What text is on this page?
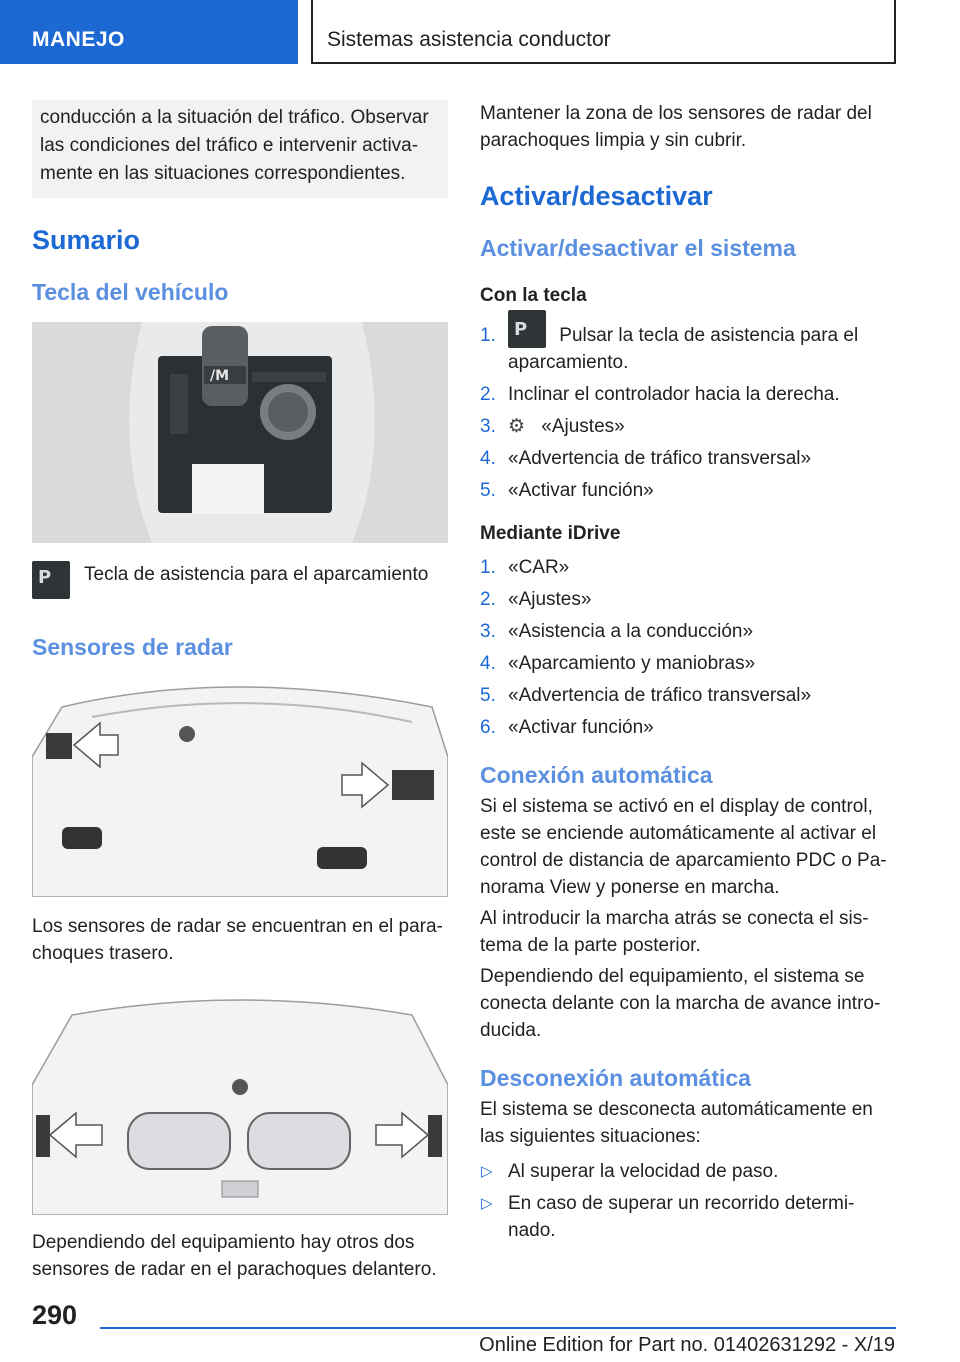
MANEJO	Sistemas asistencia conductor
conducción a la situación del tráfico. Observar las condiciones del tráfico e intervenir activa‐mente en las situaciones correspondientes.
Sumario
Tecla del vehículo
/M
P

Tecla de asistencia para el aparcamiento

Sensores de radar

Los sensores de radar se encuentran en el para‐choques trasero.

Dependiendo del equipamiento hay otros dos sensores de radar en el parachoques delantero.

Mantener la zona de los sensores de radar del parachoques limpia y sin cubrir.

Activar/desactivar
Activar/desactivar el sistema
Con la tecla
1.
P	Pulsar la tecla de asistencia para el aparcamiento.
2. Inclinar el controlador hacia la derecha.
3. ⚙ «Ajustes»
4. «Advertencia de tráfico transversal»
5. «Activar función»
Mediante iDrive
1. «CAR»
2. «Ajustes»
3. «Asistencia a la conducción»
4. «Aparcamiento y maniobras»
5. «Advertencia de tráfico transversal»
6. «Activar función»
Conexión automática

Si el sistema se activó en el display de control, este se enciende automáticamente al activar el control de distancia de aparcamiento PDC o Pa‐norama View y ponerse en marcha.

Al introducir la marcha atrás se conecta el sis‐tema de la parte posterior.

Dependiendo del equipamiento, el sistema se conecta delante con la marcha de avance intro‐ducida.

Desconexión automática

El sistema se desconecta automáticamente en las siguientes situaciones:

▷ Al superar la velocidad de paso.
▷ En caso de superar un recorrido determi‐nado.
290
Online Edition for Part no. 01402631292 - X/19
